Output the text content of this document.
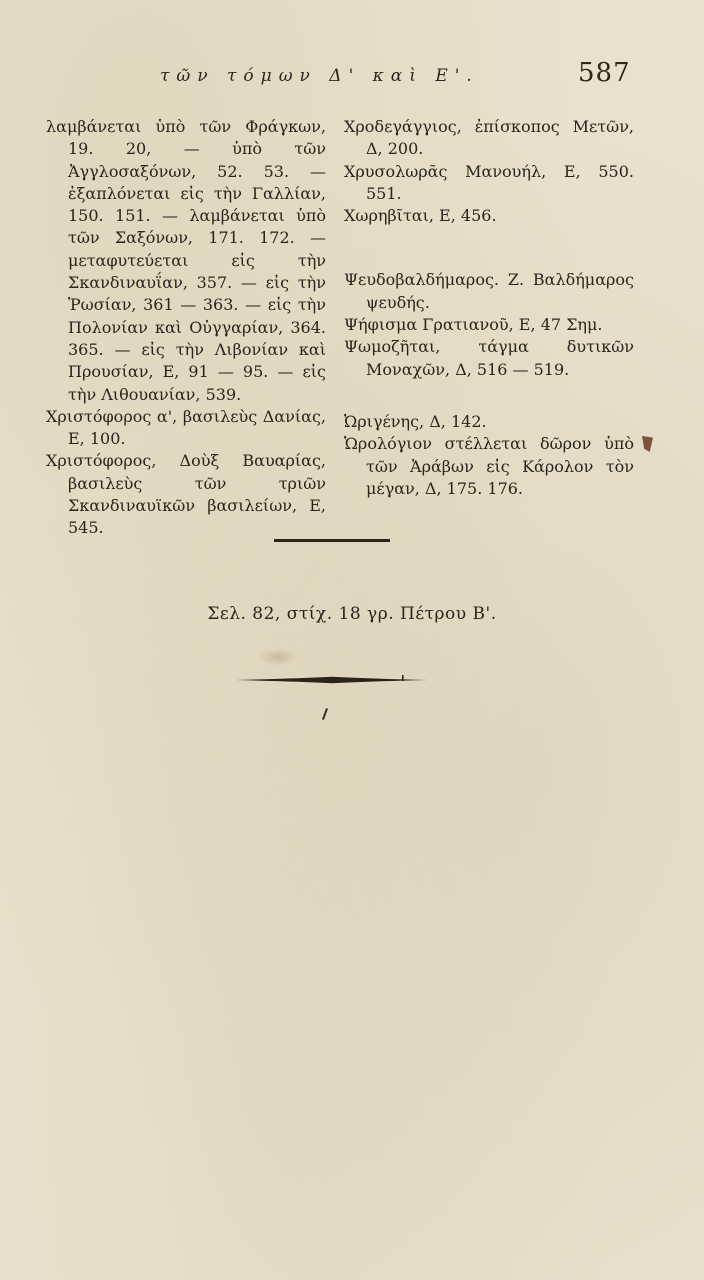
τῶν τόμων Δ' καὶ Ε'.	587

λαμβάνεται ὑπὸ τῶν Φράγκων, 19. 20, — ὑπὸ τῶν Ἀγγλοσαξόνων, 52. 53. — ἐξαπλόνεται εἰς τὴν Γαλλίαν, 150. 151. — λαμβάνεται ὑπὸ τῶν Σαξόνων, 171. 172. — μεταφυτεύεται εἰς τὴν Σκανδιναυΐαν, 357. — εἰς τὴν Ῥωσίαν, 361 — 363. — εἰς τὴν Πολονίαν καὶ Οὐγγαρίαν, 364. 365. — εἰς τὴν Λιβονίαν καὶ Προυσίαν, Ε, 91 — 95. — εἰς τὴν Λιθουανίαν, 539.

Χριστόφορος α', βασιλεὺς Δανίας, Ε, 100.

Χριστόφορος, Δοὺξ Βαυαρίας, βασιλεὺς τῶν τριῶν Σκανδιναυϊκῶν βασιλείων, Ε, 545.

Χροδεγάγγιος, ἐπίσκοπος Μετῶν, Δ, 200.

Χρυσολωρᾶς Μανουήλ, Ε, 550. 551.

Χωρηβῖται, Ε, 456.

Ψευδοβαλδήμαρος. Ζ. Βαλδήμαρος ψευδής.

Ψήφισμα Γρατιανοῦ, Ε, 47 Σημ.

Ψωμοζῆται, τάγμα δυτικῶν Μοναχῶν, Δ, 516 — 519.

Ὠριγένης, Δ, 142.

Ὡρολόγιον στέλλεται δῶρον ὑπὸ τῶν Ἀράβων εἰς Κάρολον τὸν μέγαν, Δ, 175. 176.

Σελ. 82, στίχ. 18 γρ. Πέτρου Β'.
